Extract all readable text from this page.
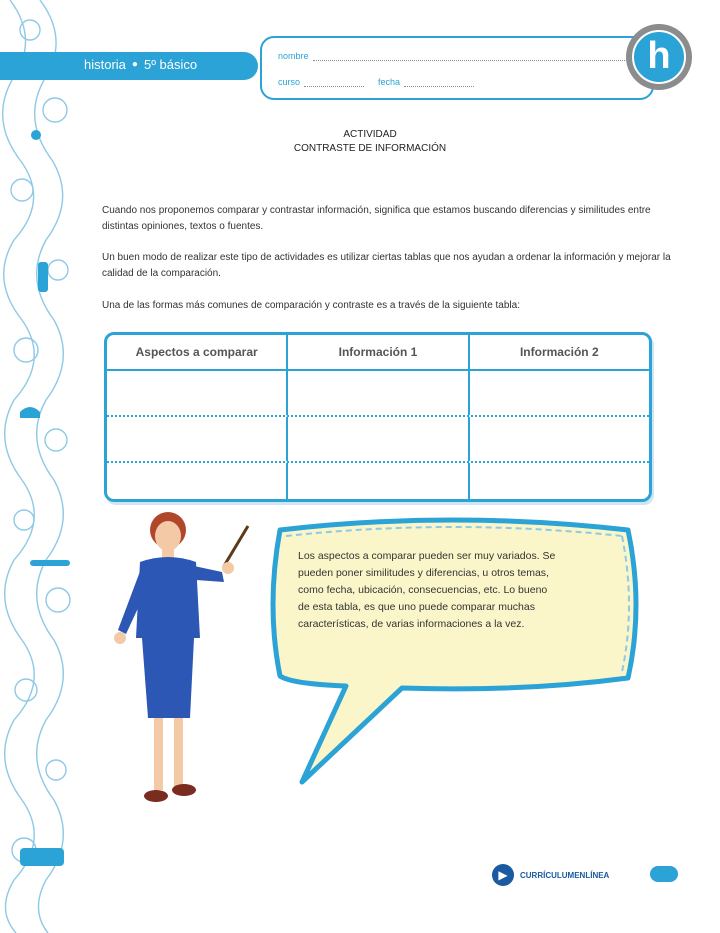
historia ● 5º básico
nombre
curso	fecha
h
ACTIVIDAD
CONTRASTE DE INFORMACIÓN
Cuando nos proponemos comparar y contrastar información, significa que estamos buscando diferencias y similitudes entre distintas opiniones, textos o fuentes.
Un buen modo de realizar este tipo de actividades es utilizar ciertas tablas que nos ayudan a ordenar la información y mejorar la calidad de la comparación.
Una de las formas más comunes de comparación y contraste es a través de la siguiente tabla:
Aspectos a comparar	Información 1	Información 2
Los aspectos a comparar pueden ser muy variados. Se pueden poner similitudes y diferencias, u otros temas, como fecha, ubicación, consecuencias, etc. Lo bueno de esta tabla, es que uno puede comparar muchas características, de varias informaciones a la vez.
▶	CURRÍCULUMENLÍNEA
